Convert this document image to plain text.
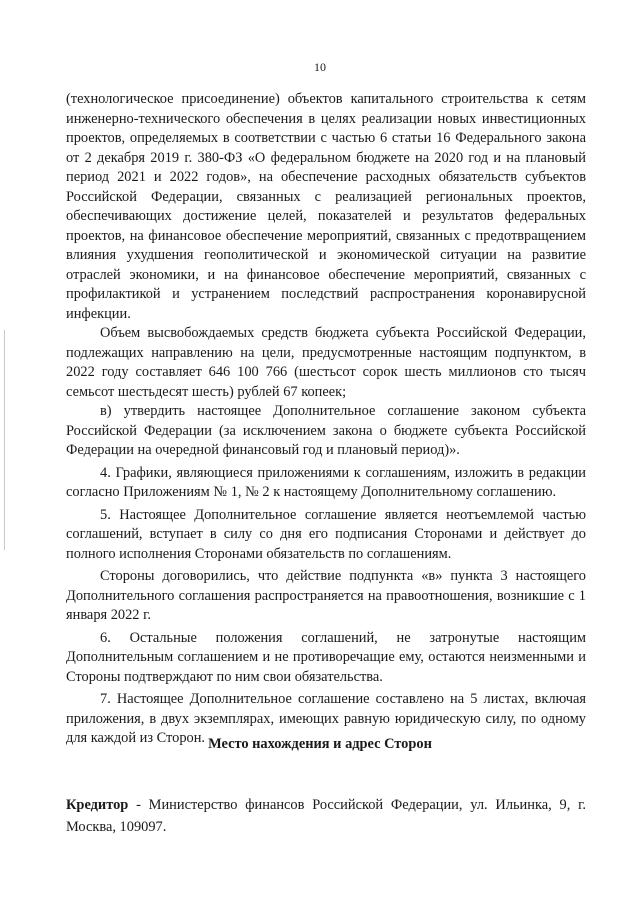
10

(технологическое присоединение) объектов капитального строительства к сетям инженерно-технического обеспечения в целях реализации новых инвестиционных проектов, определяемых в соответствии с частью 6 статьи 16 Федерального закона от 2 декабря 2019 г. 380-ФЗ «О федеральном бюджете на 2020 год и на плановый период 2021 и 2022 годов», на обеспечение расходных обязательств субъектов Российской Федерации, связанных с реализацией региональных проектов, обеспечивающих достижение целей, показателей и результатов федеральных проектов, на финансовое обеспечение мероприятий, связанных с предотвращением влияния ухудшения геополитической и экономической ситуации на развитие отраслей экономики, и на финансовое обеспечение мероприятий, связанных с профилактикой и устранением последствий распространения коронавирусной инфекции.

Объем высвобождаемых средств бюджета субъекта Российской Федерации, подлежащих направлению на цели, предусмотренные настоящим подпунктом, в 2022 году составляет 646 100 766 (шестьсот сорок шесть миллионов сто тысяч семьсот шестьдесят шесть) рублей 67 копеек;

в) утвердить настоящее Дополнительное соглашение законом субъекта Российской Федерации (за исключением закона о бюджете субъекта Российской Федерации на очередной финансовый год и плановый период)».

4. Графики, являющиеся приложениями к соглашениям, изложить в редакции согласно Приложениям № 1, № 2 к настоящему Дополнительному соглашению.

5. Настоящее Дополнительное соглашение является неотъемлемой частью соглашений, вступает в силу со дня его подписания Сторонами и действует до полного исполнения Сторонами обязательств по соглашениям.

Стороны договорились, что действие подпункта «в» пункта 3 настоящего Дополнительного соглашения распространяется на правоотношения, возникшие с 1 января 2022 г.

6. Остальные положения соглашений, не затронутые настоящим Дополнительным соглашением и не противоречащие ему, остаются неизменными и Стороны подтверждают по ним свои обязательства.

7. Настоящее Дополнительное соглашение составлено на 5 листах, включая приложения, в двух экземплярах, имеющих равную юридическую силу, по одному для каждой из Сторон. Место нахождения и адрес Сторон
Кредитор - Министерство финансов Российской Федерации, ул. Ильинка, 9, г. Москва, 109097.
